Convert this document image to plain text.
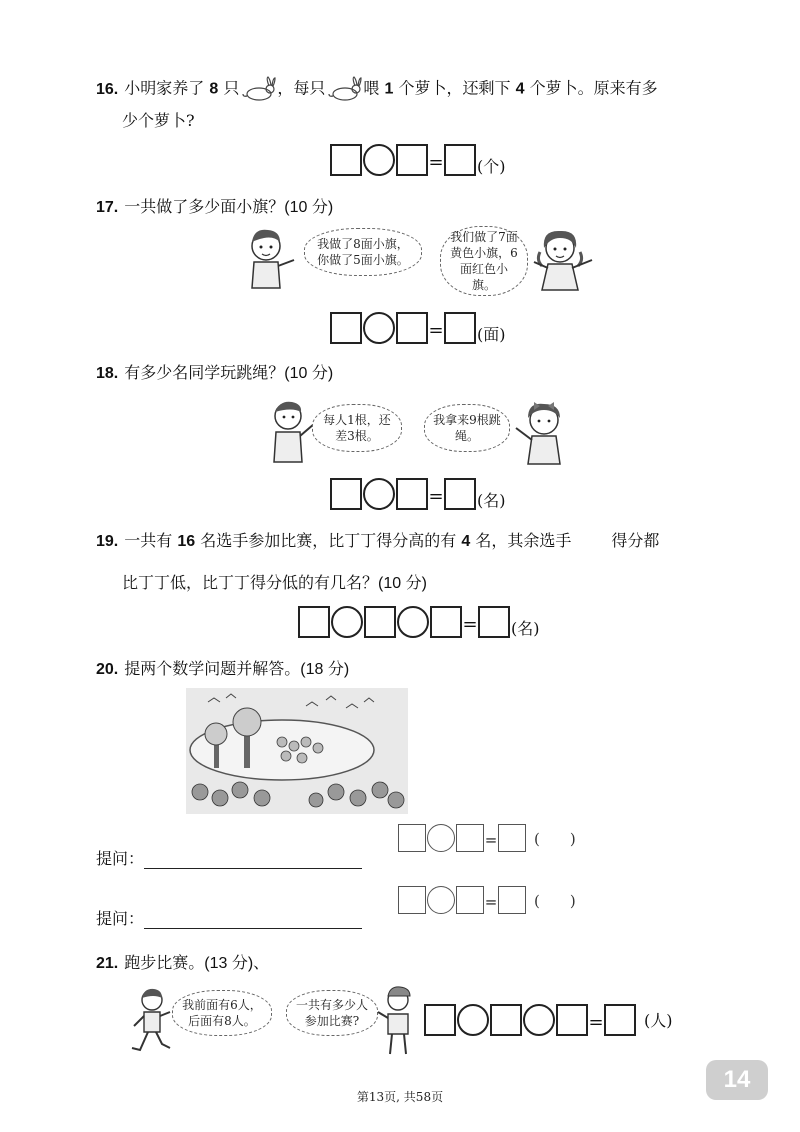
16. 小明家养了 8 只 ，每只 喂 1 个萝卜，还剩下 4 个萝卜。原来有多
少个萝卜?
= (个)
17. 一共做了多少面小旗？(10 分)
我做了8面小旗，你做了5面小旗。
我们做了7面黄色小旗，6面红色小旗。
= (面)
18. 有多少名同学玩跳绳？(10 分)
每人1根，还差3根。
我拿来9根跳绳。
= (名)
19. 一共有 16 名选手参加比赛，比丁丁得分高的有 4 名，其余选手	得分都
比丁丁低，比丁丁得分低的有几名？(10 分)
= (名)
20. 提两个数学问题并解答。(18 分)
提问：
= (　　)
提问：
= (　　)
21. 跑步比赛。(13 分)、
我前面有6人，后面有8人。
一共有多少人参加比赛?	=	(人)
第13页, 共58页
14
